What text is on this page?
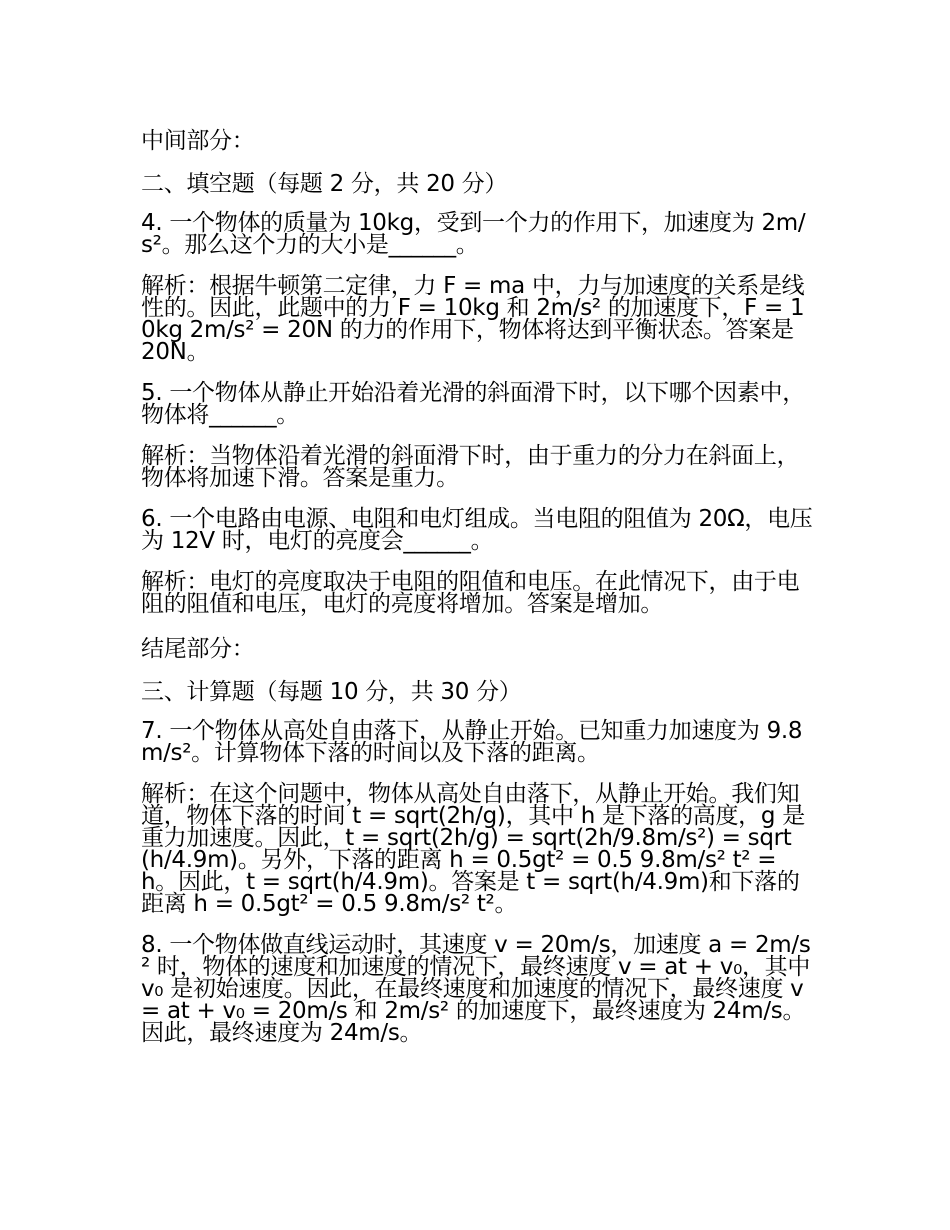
中间部分：

二、填空题（每题 2 分，共 20 分）

4. 一个物体的质量为 10kg，受到一个力的作用下，加速度为 2m/s²。那么这个力的大小是______。

解析：根据牛顿第二定律，力 F = ma 中，力与加速度的关系是线性的。因此，此题中的力 F = 10kg 和 2m/s² 的加速度下，F = 10kg 2m/s² = 20N 的力的作用下，物体将达到平衡状态。答案是 20N。

5. 一个物体从静止开始沿着光滑的斜面滑下时，以下哪个因素中，物体将______。

解析：当物体沿着光滑的斜面滑下时，由于重力的分力在斜面上，物体将加速下滑。答案是重力。

6. 一个电路由电源、电阻和电灯组成。当电阻的阻值为 20Ω，电压为 12V 时，电灯的亮度会______。

解析：电灯的亮度取决于电阻的阻值和电压。在此情况下，由于电阻的阻值和电压，电灯的亮度将增加。答案是增加。

结尾部分：

三、计算题（每题 10 分，共 30 分）

7. 一个物体从高处自由落下，从静止开始。已知重力加速度为 9.8m/s²。计算物体下落的时间以及下落的距离。

解析：在这个问题中，物体从高处自由落下，从静止开始。我们知道，物体下落的时间 t = sqrt(2h/g)，其中 h 是下落的高度，g 是重力加速度。因此，t = sqrt(2h/g) = sqrt(2h/9.8m/s²) = sqrt(h/4.9m)。另外，下落的距离 h = 0.5gt² = 0.5 9.8m/s² t² = h。因此，t = sqrt(h/4.9m)。答案是 t = sqrt(h/4.9m)和下落的距离 h = 0.5gt² = 0.5 9.8m/s² t²。

8. 一个物体做直线运动时，其速度 v = 20m/s，加速度 a = 2m/s² 时，物体的速度和加速度的情况下，最终速度 v = at + v₀，其中 v₀ 是初始速度。因此，在最终速度和加速度的情况下，最终速度 v = at + v₀ = 20m/s 和 2m/s² 的加速度下，最终速度为 24m/s。因此，最终速度为 24m/s。
